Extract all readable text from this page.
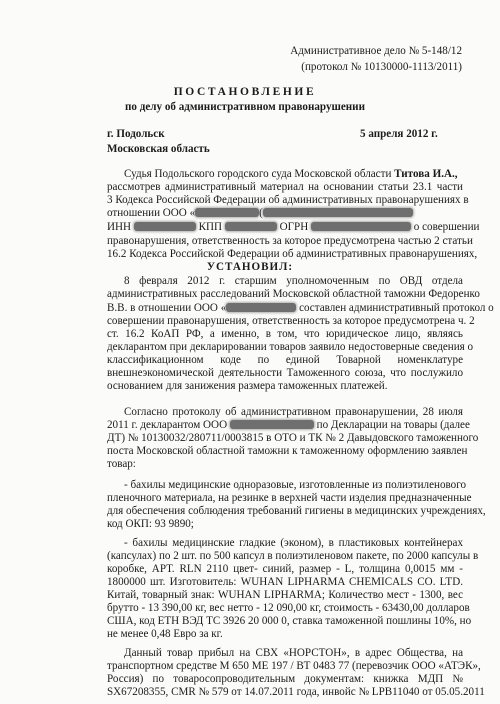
Административное дело № 5-148/12
(протокол № 10130000-1113/2011)
ПОСТАНОВЛЕНИЕ
по делу об административном правонарушении
г. Подольск	5 апреля 2012 г.
Московская область
Судья Подольского городского суда Московской области Титова И.А.,
рассмотрев административный материал на основании статьи 23.1 части
3 Кодекса Российской Федерации об административных правонарушениях в
отношении ООО «	(
ИНН	КПП	ОГРН	о совершении
правонарушения, ответственность за которое предусмотрена частью 2 статьи
16.2 Кодекса Российской Федерации об административных правонарушениях,
УСТАНОВИЛ:
8 февраля 2012 г. старшим уполномоченным по ОВД отдела
административных расследований Московской областной таможни Федоренко
В.В. в отношении ООО «	составлен административный протокол о
совершении правонарушения, ответственность за которое предусмотрена ч. 2
ст. 16.2 КоАП РФ, а именно, в том, что юридическое лицо, являясь
декларантом при декларировании товаров заявило недостоверные сведения о
классификационном коде по единой Товарной номенклатуре
внешнеэкономической деятельности Таможенного союза, что послужило
основанием для занижения размера таможенных платежей.
Согласно протоколу об административном правонарушении, 28 июля
2011 г. декларантом ООО	по Декларации на товары (далее
ДТ) № 10130032/280711/0003815 в ОТО и ТК № 2 Давыдовского таможенного
поста Московской областной таможни к таможенному оформлению заявлен
товар:
- бахилы медицинские одноразовые, изготовленные из полиэтиленового
пленочного материала, на резинке в верхней части изделия предназначенные
для обеспечения соблюдения требований гигиены в медицинских учреждениях,
код ОКП: 93 9890;
- бахилы медицинские гладкие (эконом), в пластиковых контейнерах
(капсулах) по 2 шт. по 500 капсул в полиэтиленовом пакете, по 2000 капсулы в
коробке, АРТ. RLN 2110 цвет- синий, размер - L, толщина 0,0015 мм -
1800000 шт. Изготовитель: WUHAN LIPHARMA CHEMICALS CO. LTD.
Китай, товарный знак: WUHAN LIPHARMA; Количество мест - 1300, вес
брутто - 13 390,00 кг, вес нетто - 12 090,00 кг, стоимость - 63430,00 долларов
США, код ЕТН ВЭД ТС 3926 20 000 0, ставка таможенной пошлины 10%, но
не менее 0,48 Евро за кг.
Данный товар прибыл на СВХ «НОРСТОН», в адрес Общества, на
транспортном средстве М 650 МЕ 197 / ВТ 0483 77 (перевозчик ООО «АТЭК»,
Россия) по товаросопроводительным документам: книжка МДП №
SX67208355, CMR № 579 от 14.07.2011 года, инвойс № LPB11040 от 05.05.2011
